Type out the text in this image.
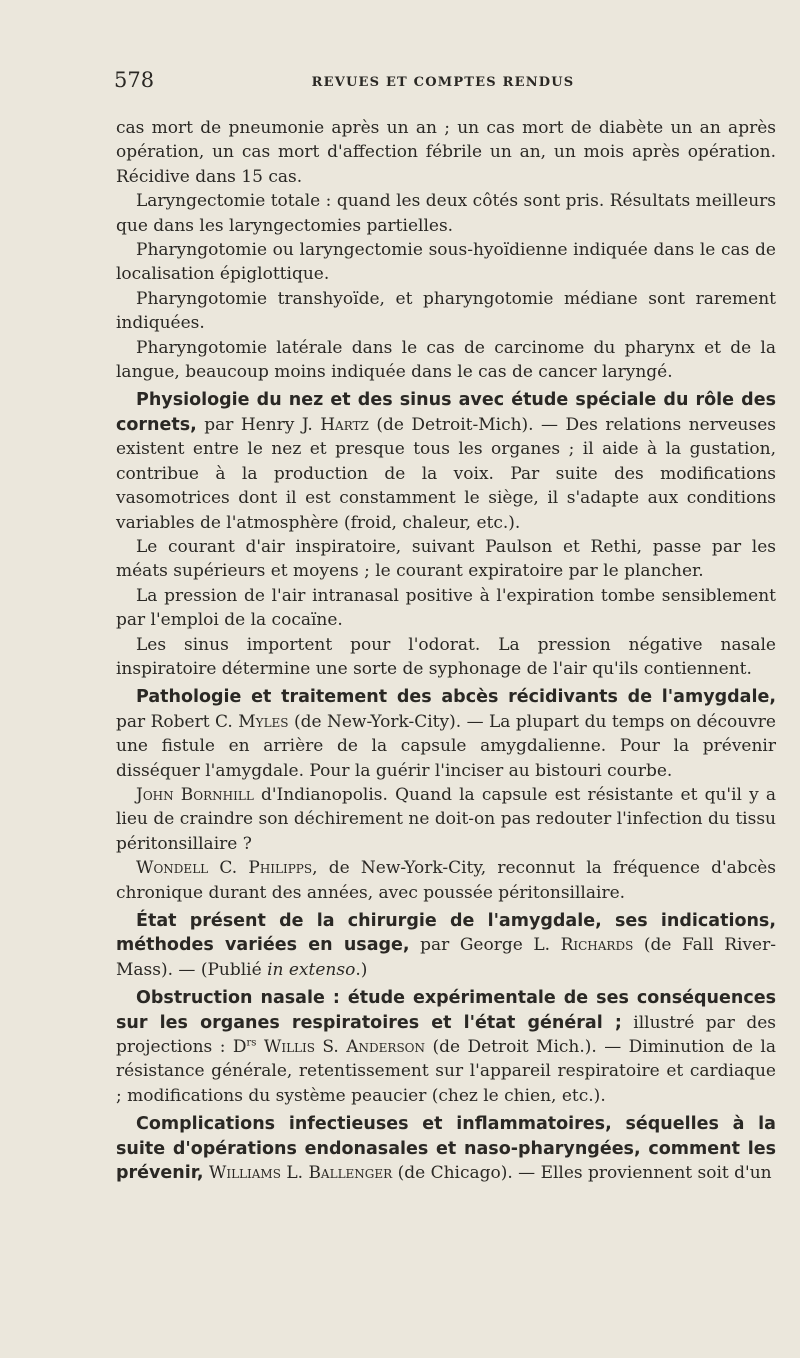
578	REVUES ET COMPTES RENDUS

cas mort de pneumonie après un an ; un cas mort de diabète un an après opération, un cas mort d'affection fébrile un an, un mois après opération. Récidive dans 15 cas.

Laryngectomie totale : quand les deux côtés sont pris. Résultats meilleurs que dans les laryngectomies partielles.

Pharyngotomie ou laryngectomie sous-hyoïdienne indiquée dans le cas de localisation épiglottique.

Pharyngotomie transhyoïde, et pharyngotomie médiane sont rarement indiquées.

Pharyngotomie latérale dans le cas de carcinome du pharynx et de la langue, beaucoup moins indiquée dans le cas de cancer laryngé.

Physiologie du nez et des sinus avec étude spéciale du rôle des cornets, par Henry J. Hartz (de Detroit-Mich). — Des relations nerveuses existent entre le nez et presque tous les organes ; il aide à la gustation, contribue à la production de la voix. Par suite des modifications vasomotrices dont il est constamment le siège, il s'adapte aux conditions variables de l'atmosphère (froid, chaleur, etc.).

Le courant d'air inspiratoire, suivant Paulson et Rethi, passe par les méats supérieurs et moyens ; le courant expiratoire par le plancher.

La pression de l'air intranasal positive à l'expiration tombe sensiblement par l'emploi de la cocaïne.

Les sinus importent pour l'odorat. La pression négative nasale inspiratoire détermine une sorte de syphonage de l'air qu'ils contiennent.

Pathologie et traitement des abcès récidivants de l'amygdale, par Robert C. Myles (de New-York-City). — La plupart du temps on découvre une fistule en arrière de la capsule amygdalienne. Pour la prévenir disséquer l'amygdale. Pour la guérir l'inciser au bistouri courbe.

John Bornhill d'Indianopolis. Quand la capsule est résistante et qu'il y a lieu de craindre son déchirement ne doit-on pas redouter l'infection du tissu péritonsillaire ?

Wondell C. Philipps, de New-York-City, reconnut la fréquence d'abcès chronique durant des années, avec poussée péritonsillaire.

État présent de la chirurgie de l'amygdale, ses indications, méthodes variées en usage, par George L. Richards (de Fall River-Mass). — (Publié in extenso.)

Obstruction nasale : étude expérimentale de ses conséquences sur les organes respiratoires et l'état général ; illustré par des projections : $D^{rs}$ Willis S. Anderson (de Detroit Mich.). — Diminution de la résistance générale, retentissement sur l'appareil respiratoire et cardiaque ; modifications du système peaucier (chez le chien, etc.).

Complications infectieuses et inflammatoires, séquelles à la suite d'opérations endonasales et naso-pharyngées, comment les prévenir, Williams L. Ballenger (de Chicago). — Elles proviennent soit d'un
